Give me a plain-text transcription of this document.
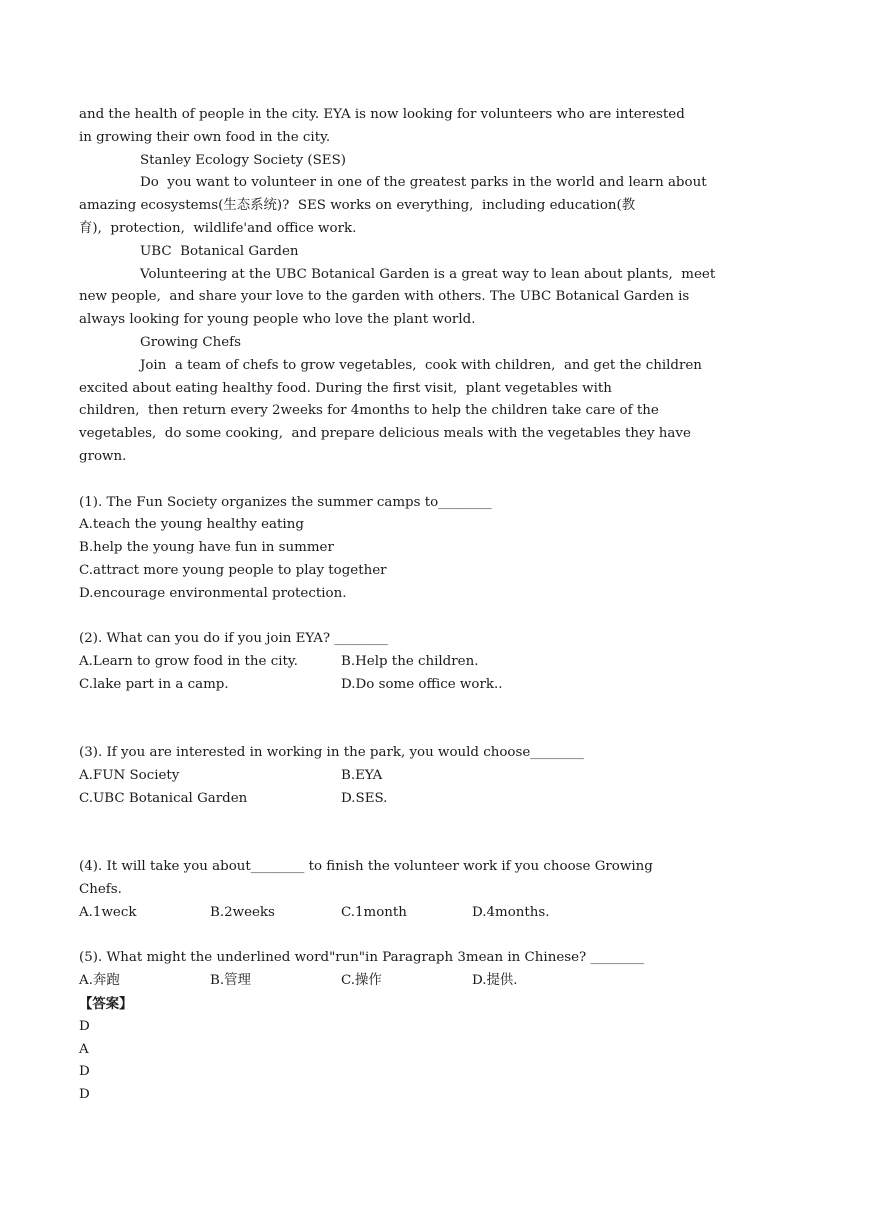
and the health of people in the city. EYA is now looking for volunteers who are interested

in growing their own food in the city.

Stanley Ecology Society (SES)

Do  you want to volunteer in one of the greatest parks in the world and learn about

amazing ecosystems(生态系统)?  SES works on everything,  including education(教

育),  protection,  wildlife'and office work.

UBC  Botanical Garden

Volunteering at the UBC Botanical Garden is a great way to lean about plants,  meet

new people,  and share your love to the garden with others. The UBC Botanical Garden is

always looking for young people who love the plant world.

Growing Chefs

Join  a team of chefs to grow vegetables,  cook with children,  and get the children

excited about eating healthy food. During the first visit,  plant vegetables with

children,  then return every 2weeks for 4months to help the children take care of the

vegetables,  do some cooking,  and prepare delicious meals with the vegetables they have

grown.

(1). The Fun Society organizes the summer camps to________

A.teach the young healthy eating

B.help the young have fun in summer

C.attract more young people to play together

D.encourage environmental protection.

(2). What can you do if you join EYA? ________

A.Learn to grow food in the city.	B.Help the children.
C.lake part in a camp.	D.Do some office work..

(3). If you are interested in working in the park, you would choose________

A.FUN Society	B.EYA
C.UBC Botanical Garden	D.SES.

(4). It will take you about________ to finish the volunteer work if you choose Growing

Chefs.

A.1weck	B.2weeks	C.1month	D.4months.

(5). What might the underlined word"run"in Paragraph 3mean in Chinese? ________

A.奔跑	B.管理	C.操作	D.提供.

【答案】

D

A

D

D
